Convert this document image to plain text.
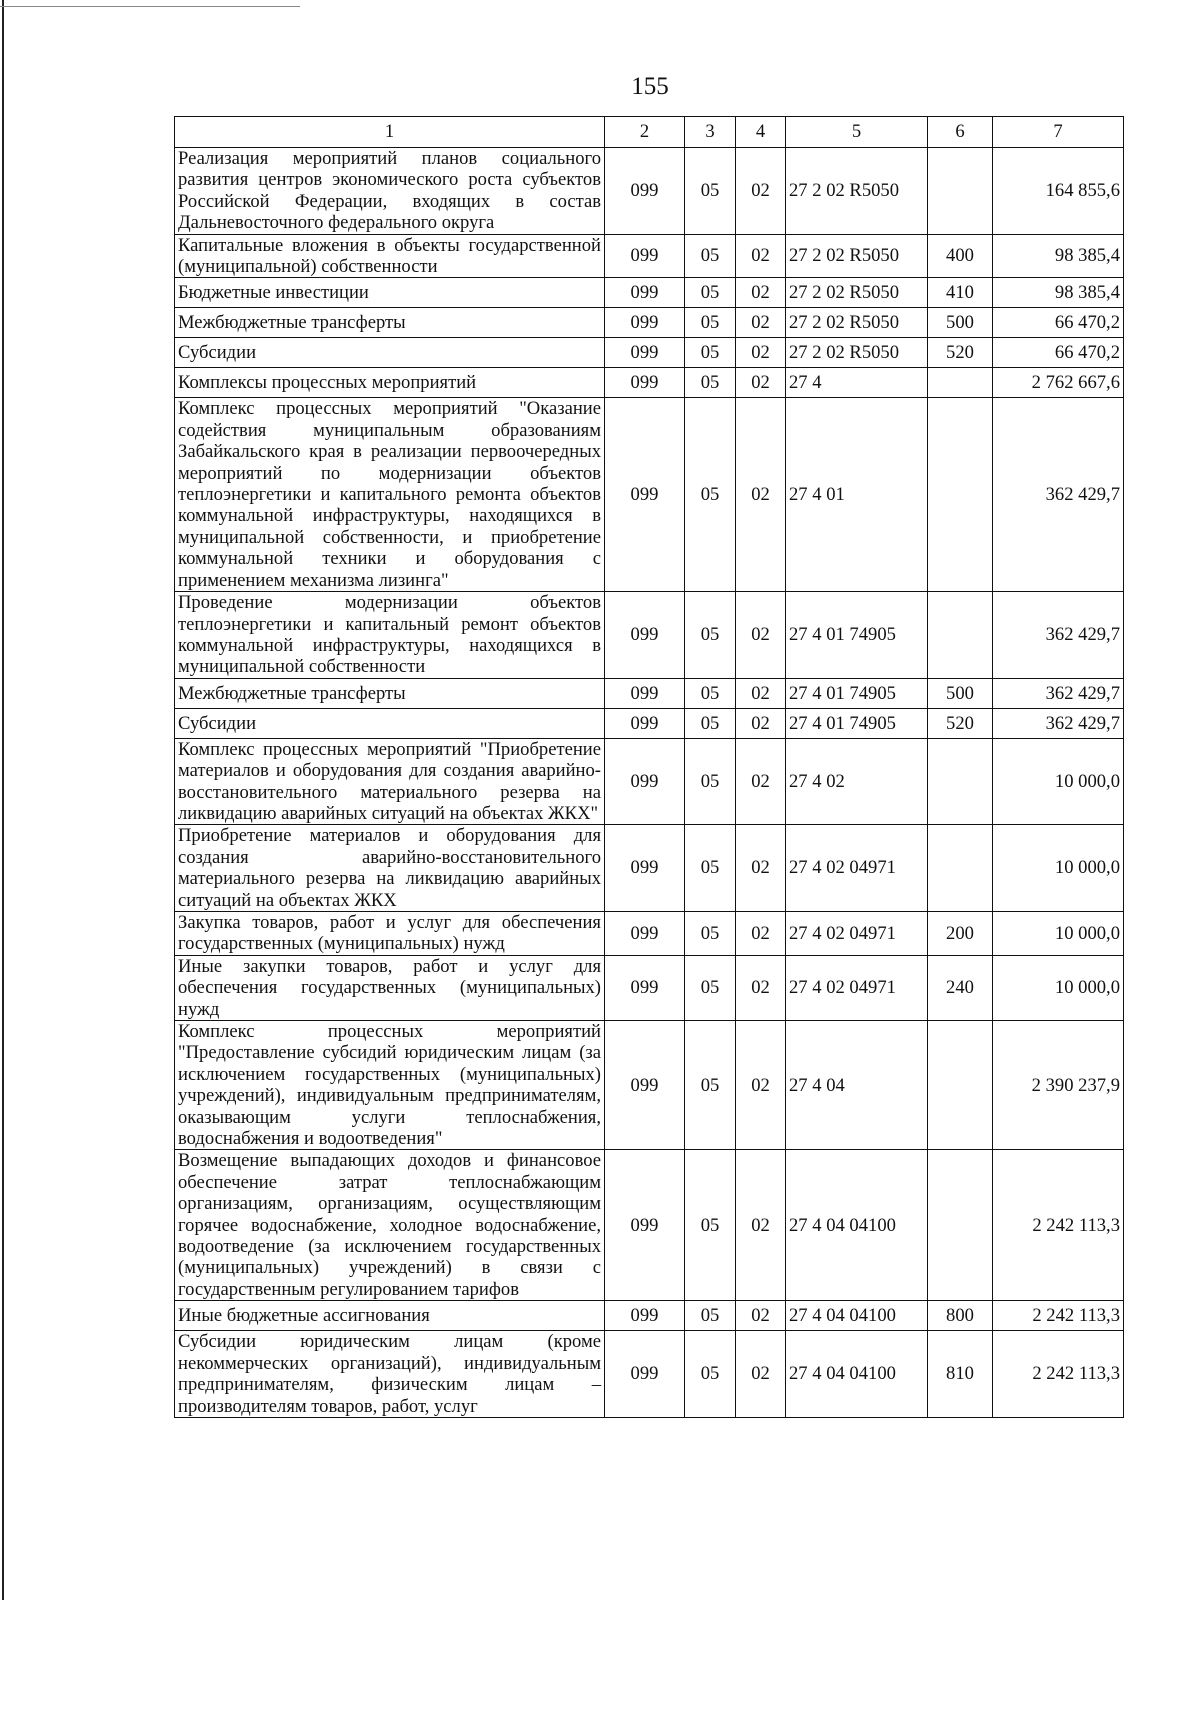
155
1	2	3	4	5	6	7
Реализация мероприятий планов социального развития центров экономического роста субъектов Российской Федерации, входящих в состав Дальневосточного федерального округа	099	05	02	27 2 02 R5050		164 855,6
Капитальные вложения в объекты государственной (муниципальной) собственности	099	05	02	27 2 02 R5050	400	98 385,4
Бюджетные инвестиции	099	05	02	27 2 02 R5050	410	98 385,4
Межбюджетные трансферты	099	05	02	27 2 02 R5050	500	66 470,2
Субсидии	099	05	02	27 2 02 R5050	520	66 470,2
Комплексы процессных мероприятий	099	05	02	27 4		2 762 667,6
Комплекс процессных мероприятий "Оказание содействия муниципальным образованиям Забайкальского края в реализации первоочередных мероприятий по модернизации объектов теплоэнергетики и капитального ремонта объектов коммунальной инфраструктуры, находящихся в муниципальной собственности, и приобретение коммунальной техники и оборудования с применением механизма лизинга"	099	05	02	27 4 01		362 429,7
Проведение модернизации объектов теплоэнергетики и капитальный ремонт объектов коммунальной инфраструктуры, находящихся в муниципальной собственности	099	05	02	27 4 01 74905		362 429,7
Межбюджетные трансферты	099	05	02	27 4 01 74905	500	362 429,7
Субсидии	099	05	02	27 4 01 74905	520	362 429,7
Комплекс процессных мероприятий "Приобретение материалов и оборудования для создания аварийно-восстановительного материального резерва на ликвидацию аварийных ситуаций на объектах ЖКХ"	099	05	02	27 4 02		10 000,0
Приобретение материалов и оборудования для создания аварийно-восстановительного материального резерва на ликвидацию аварийных ситуаций на объектах ЖКХ	099	05	02	27 4 02 04971		10 000,0
Закупка товаров, работ и услуг для обеспечения государственных (муниципальных) нужд	099	05	02	27 4 02 04971	200	10 000,0
Иные закупки товаров, работ и услуг для обеспечения государственных (муниципальных) нужд	099	05	02	27 4 02 04971	240	10 000,0
Комплекс процессных мероприятий "Предоставление субсидий юридическим лицам (за исключением государственных (муниципальных) учреждений), индивидуальным предпринимателям, оказывающим услуги теплоснабжения, водоснабжения и водоотведения"	099	05	02	27 4 04		2 390 237,9
Возмещение выпадающих доходов и финансовое обеспечение затрат теплоснабжающим организациям, организациям, осуществляющим горячее водоснабжение, холодное водоснабжение, водоотведение (за исключением государственных (муниципальных) учреждений) в связи с государственным регулированием тарифов	099	05	02	27 4 04 04100		2 242 113,3
Иные бюджетные ассигнования	099	05	02	27 4 04 04100	800	2 242 113,3
Субсидии юридическим лицам (кроме некоммерческих организаций), индивидуальным предпринимателям, физическим лицам – производителям товаров, работ, услуг	099	05	02	27 4 04 04100	810	2 242 113,3
